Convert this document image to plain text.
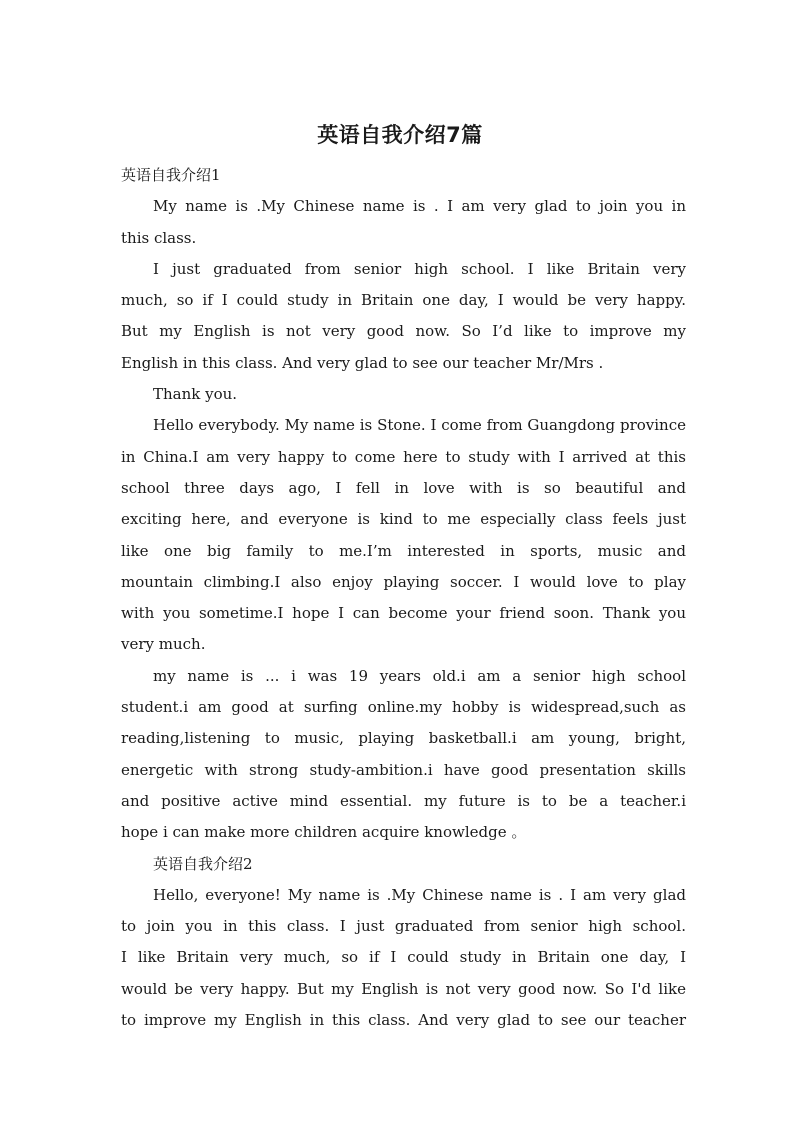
英语自我介绍7篇
英语自我介绍1
My name is .My Chinese name is . I am very glad to join you in
this class.
I just graduated from senior high school. I like Britain very
much, so if I could study in Britain one day, I would be very happy.
But my English is not very good now. So I’d like to improve my
English in this class. And very glad to see our teacher Mr/Mrs .
Thank you.
Hello everybody. My name is Stone. I come from Guangdong province
in China.I am very happy to come here to study with I arrived at this
school three days ago, I fell in love with is so beautiful and
exciting here, and everyone is kind to me especially class feels just
like one big family to me.I’m interested in sports, music and
mountain climbing.I also enjoy playing soccer. I would love to play
with you sometime.I hope I can become your friend soon. Thank you
very much.
my name is ... i was 19 years old.i am a senior high school
student.i am good at surfing online.my hobby is widespread,such as
reading,listening to music, playing basketball.i am young, bright,
energetic with strong study-ambition.i have good presentation skills
and positive active mind essential. my future is to be a teacher.i
hope i can make more children acquire knowledge 。
英语自我介绍2
Hello, everyone! My name is .My Chinese name is . I am very glad
to join you in this class. I just graduated from senior high school.
I like Britain very much, so if I could study in Britain one day, I
would be very happy. But my English is not very good now. So I'd like
to improve my English in this class. And very glad to see our teacher
